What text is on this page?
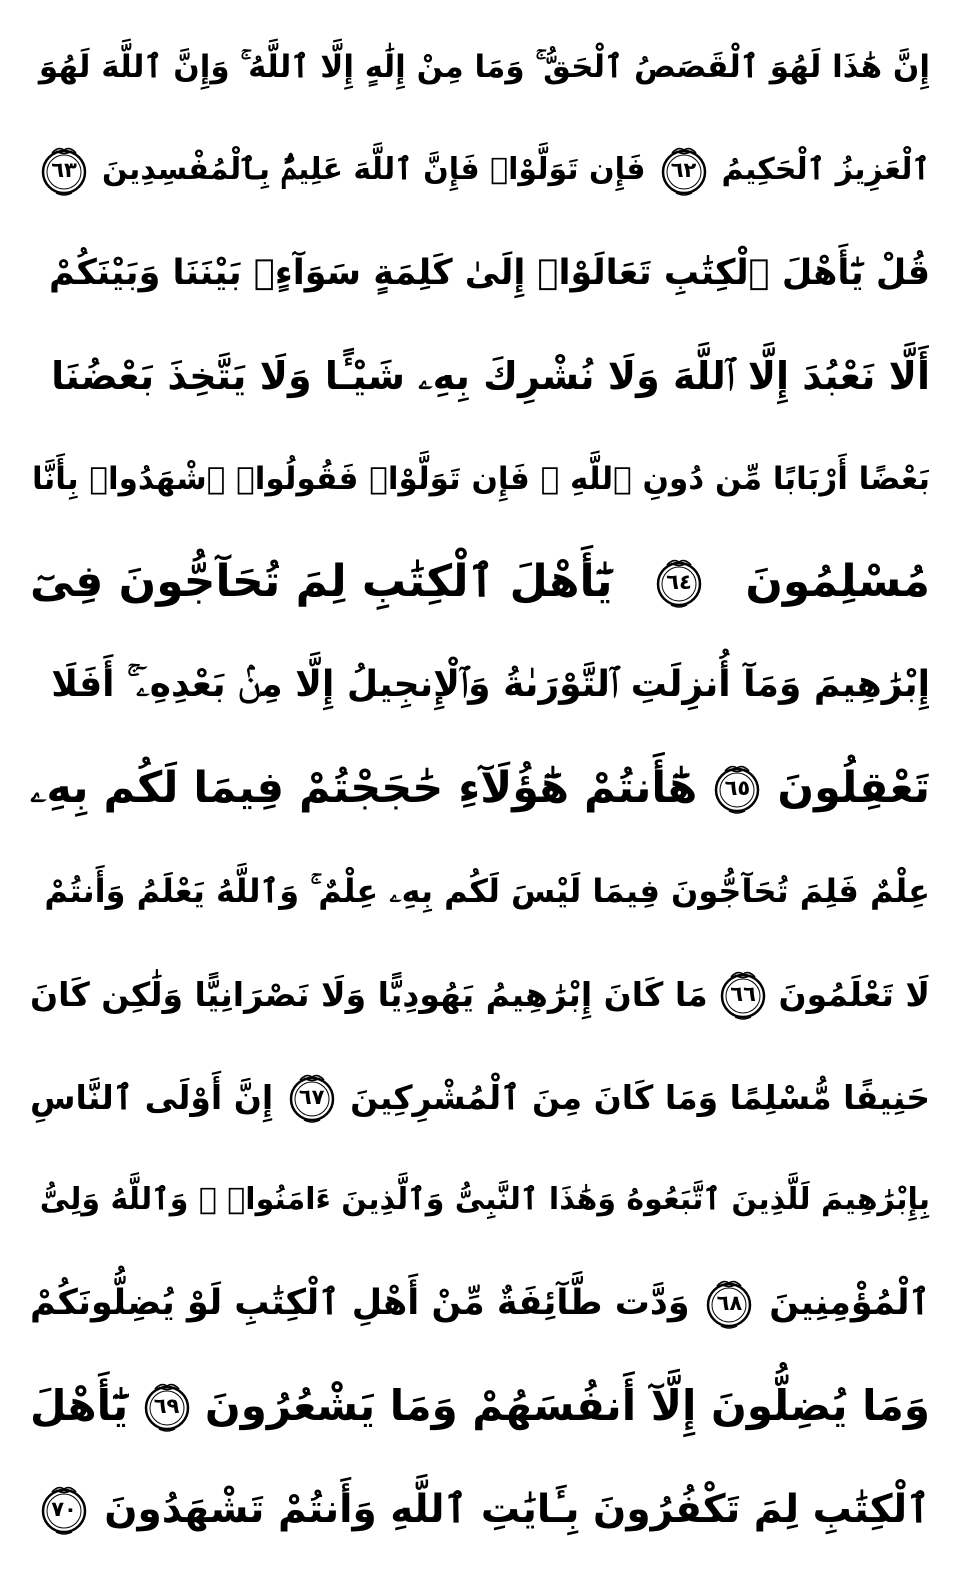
إِنَّ هَٰذَا لَهُوَ ٱلْقَصَصُ ٱلْحَقُّ ۚ وَمَا مِنْ إِلَٰهٍ إِلَّا ٱللَّهُ ۚ وَإِنَّ ٱللَّهَ لَهُوَ
ٱلْعَزِيزُ ٱلْحَكِيمُ
٦٢
فَإِن تَوَلَّوْا۟ فَإِنَّ ٱللَّهَ عَلِيمٌۢ بِٱلْمُفْسِدِينَ
٦٣
قُلْ يَٰٓأَهْلَ ٱلْكِتَٰبِ تَعَالَوْا۟ إِلَىٰ كَلِمَةٍ سَوَآءٍۭ بَيْنَنَا وَبَيْنَكُمْ
أَلَّا نَعْبُدَ إِلَّا ٱللَّهَ وَلَا نُشْرِكَ بِهِۦ شَيْـًٔا وَلَا يَتَّخِذَ بَعْضُنَا
بَعْضًا أَرْبَابًا مِّن دُونِ ٱللَّهِ ۚ فَإِن تَوَلَّوْا۟ فَقُولُوا۟ ٱشْهَدُوا۟ بِأَنَّا
مُسْلِمُونَ
٦٤
يَٰٓأَهْلَ ٱلْكِتَٰبِ لِمَ تُحَآجُّونَ فِىٓ
إِبْرَٰهِيمَ وَمَآ أُنزِلَتِ ٱلتَّوْرَىٰةُ وَٱلْإِنجِيلُ إِلَّا مِنۢ بَعْدِهِۦٓ ۚ أَفَلَا
تَعْقِلُونَ
٦٥
هَٰٓأَنتُمْ هَٰٓؤُلَآءِ حَٰجَجْتُمْ فِيمَا لَكُم بِهِۦ
عِلْمٌ فَلِمَ تُحَآجُّونَ فِيمَا لَيْسَ لَكُم بِهِۦ عِلْمٌ ۚ وَٱللَّهُ يَعْلَمُ وَأَنتُمْ
لَا تَعْلَمُونَ
٦٦
مَا كَانَ إِبْرَٰهِيمُ يَهُودِيًّا وَلَا نَصْرَانِيًّا وَلَٰكِن كَانَ
حَنِيفًا مُّسْلِمًا وَمَا كَانَ مِنَ ٱلْمُشْرِكِينَ
٦٧
إِنَّ أَوْلَى ٱلنَّاسِ
بِإِبْرَٰهِيمَ لَلَّذِينَ ٱتَّبَعُوهُ وَهَٰذَا ٱلنَّبِىُّ وَٱلَّذِينَ ءَامَنُوا۟ ۗ وَٱللَّهُ وَلِىُّ
ٱلْمُؤْمِنِينَ
٦٨
وَدَّت طَّآئِفَةٌ مِّنْ أَهْلِ ٱلْكِتَٰبِ لَوْ يُضِلُّونَكُمْ
وَمَا يُضِلُّونَ إِلَّآ أَنفُسَهُمْ وَمَا يَشْعُرُونَ
٦٩
يَٰٓأَهْلَ
ٱلْكِتَٰبِ لِمَ تَكْفُرُونَ بِـَٔايَٰتِ ٱللَّهِ وَأَنتُمْ تَشْهَدُونَ
٧٠
